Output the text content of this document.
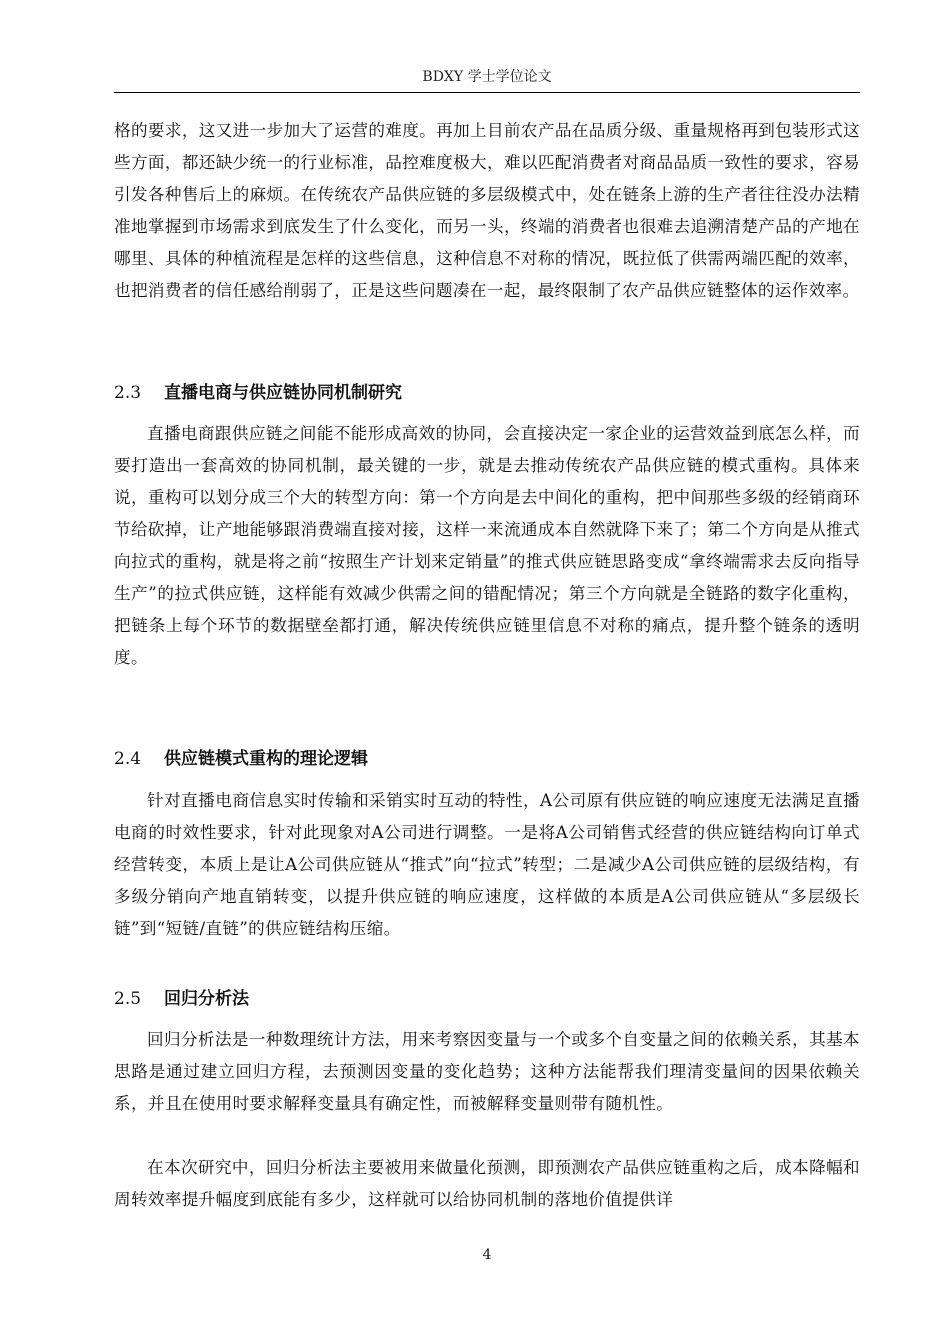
BDXY 学士学位论文

格的要求，这又进一步加大了运营的难度。再加上目前农产品在品质分级、重量规格再到包装形式这些方面，都还缺少统一的行业标准，品控难度极大，难以匹配消费者对商品品质一致性的要求，容易引发各种售后上的麻烦。在传统农产品供应链的多层级模式中，处在链条上游的生产者往往没办法精准地掌握到市场需求到底发生了什么变化，而另一头，终端的消费者也很难去追溯清楚产品的产地在哪里、具体的种植流程是怎样的这些信息，这种信息不对称的情况，既拉低了供需两端匹配的效率，也把消费者的信任感给削弱了，正是这些问题凑在一起，最终限制了农产品供应链整体的运作效率。

2.3 直播电商与供应链协同机制研究

直播电商跟供应链之间能不能形成高效的协同，会直接决定一家企业的运营效益到底怎么样，而要打造出一套高效的协同机制，最关键的一步，就是去推动传统农产品供应链的模式重构。具体来说，重构可以划分成三个大的转型方向：第一个方向是去中间化的重构，把中间那些多级的经销商环节给砍掉，让产地能够跟消费端直接对接，这样一来流通成本自然就降下来了；第二个方向是从推式向拉式的重构，就是将之前“按照生产计划来定销量”的推式供应链思路变成“拿终端需求去反向指导生产”的拉式供应链，这样能有效减少供需之间的错配情况；第三个方向就是全链路的数字化重构，把链条上每个环节的数据壁垒都打通，解决传统供应链里信息不对称的痛点，提升整个链条的透明度。

2.4 供应链模式重构的理论逻辑

针对直播电商信息实时传输和采销实时互动的特性，A公司原有供应链的响应速度无法满足直播电商的时效性要求，针对此现象对A公司进行调整。一是将A公司销售式经营的供应链结构向订单式经营转变，本质上是让A公司供应链从“推式”向“拉式”转型；二是减少A公司供应链的层级结构，有多级分销向产地直销转变，以提升供应链的响应速度，这样做的本质是A公司供应链从“多层级长链”到“短链/直链”的供应链结构压缩。

2.5 回归分析法

回归分析法是一种数理统计方法，用来考察因变量与一个或多个自变量之间的依赖关系，其基本思路是通过建立回归方程，去预测因变量的变化趋势；这种方法能帮我们理清变量间的因果依赖关系，并且在使用时要求解释变量具有确定性，而被解释变量则带有随机性。

在本次研究中，回归分析法主要被用来做量化预测，即预测农产品供应链重构之后，成本降幅和周转效率提升幅度到底能有多少，这样就可以给协同机制的落地价值提供详

4
